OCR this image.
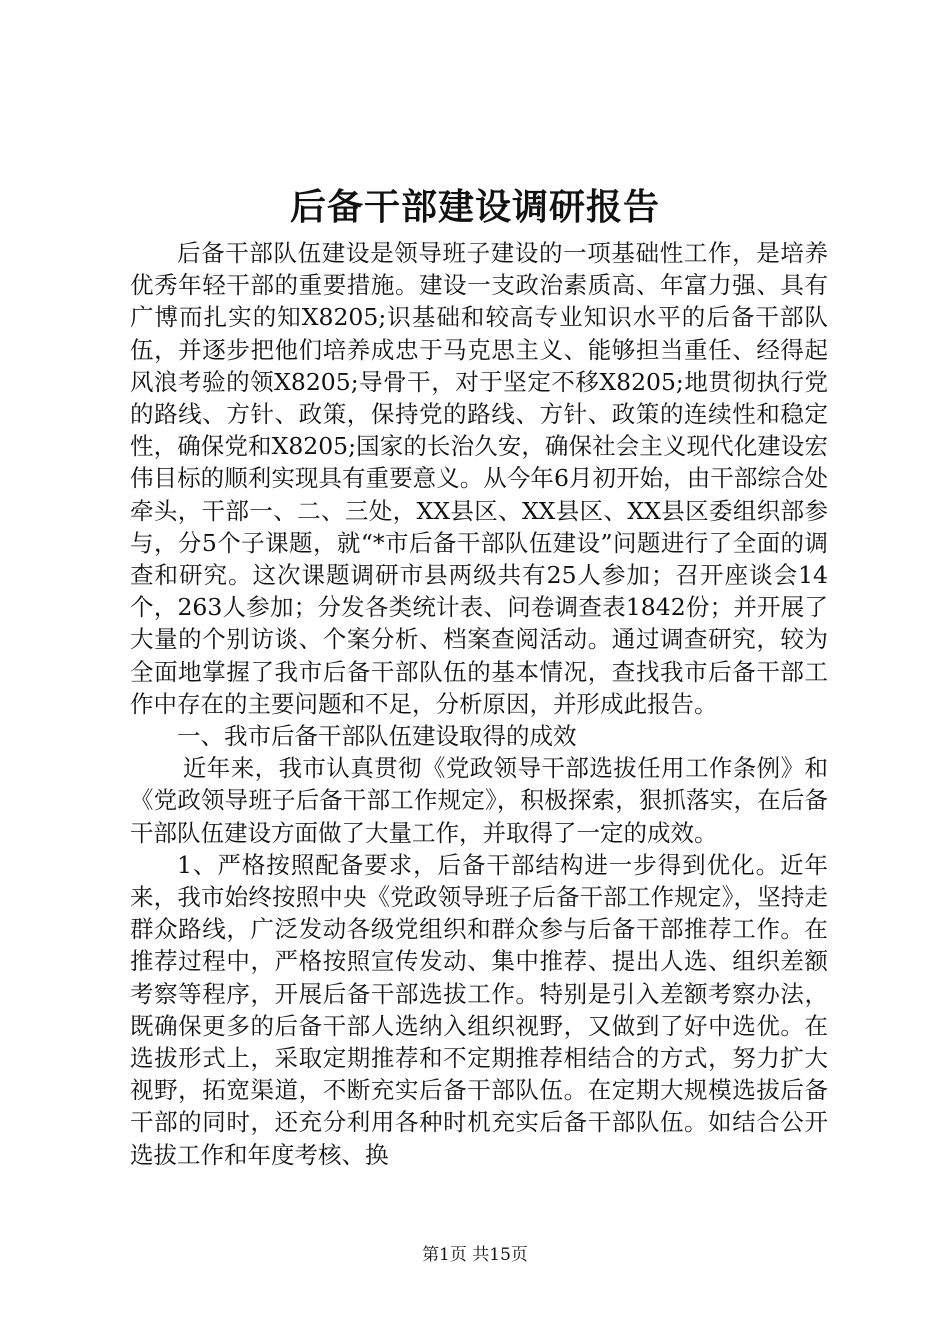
后备干部建设调研报告

后备干部队伍建设是领导班子建设的一项基础性工作，是培养优秀年轻干部的重要措施。建设一支政治素质高、年富力强、具有广博而扎实的知X8205;识基础和较高专业知识水平的后备干部队伍，并逐步把他们培养成忠于马克思主义、能够担当重任、经得起风浪考验的领X8205;导骨干，对于坚定不移X8205;地贯彻执行党的路线、方针、政策，保持党的路线、方针、政策的连续性和稳定性，确保党和X8205;国家的长治久安，确保社会主义现代化建设宏伟目标的顺利实现具有重要意义。从今年6月初开始，由干部综合处牵头，干部一、二、三处，XX县区、XX县区、XX县区委组织部参与，分5个子课题，就“*市后备干部队伍建设”问题进行了全面的调查和研究。这次课题调研市县两级共有25人参加；召开座谈会14个，263人参加；分发各类统计表、问卷调查表1842份；并开展了大量的个别访谈、个案分析、档案查阅活动。通过调查研究，较为全面地掌握了我市后备干部队伍的基本情况，查找我市后备干部工作中存在的主要问题和不足，分析原因，并形成此报告。

一、我市后备干部队伍建设取得的成效

近年来，我市认真贯彻《党政领导干部选拔任用工作条例》和《党政领导班子后备干部工作规定》，积极探索，狠抓落实，在后备干部队伍建设方面做了大量工作，并取得了一定的成效。

1、严格按照配备要求，后备干部结构进一步得到优化。近年来，我市始终按照中央《党政领导班子后备干部工作规定》，坚持走群众路线，广泛发动各级党组织和群众参与后备干部推荐工作。在推荐过程中，严格按照宣传发动、集中推荐、提出人选、组织差额考察等程序，开展后备干部选拔工作。特别是引入差额考察办法，既确保更多的后备干部人选纳入组织视野，又做到了好中选优。在选拔形式上，采取定期推荐和不定期推荐相结合的方式，努力扩大视野，拓宽渠道，不断充实后备干部队伍。在定期大规模选拔后备干部的同时，还充分利用各种时机充实后备干部队伍。如结合公开选拔工作和年度考核、换

第1页 共15页
